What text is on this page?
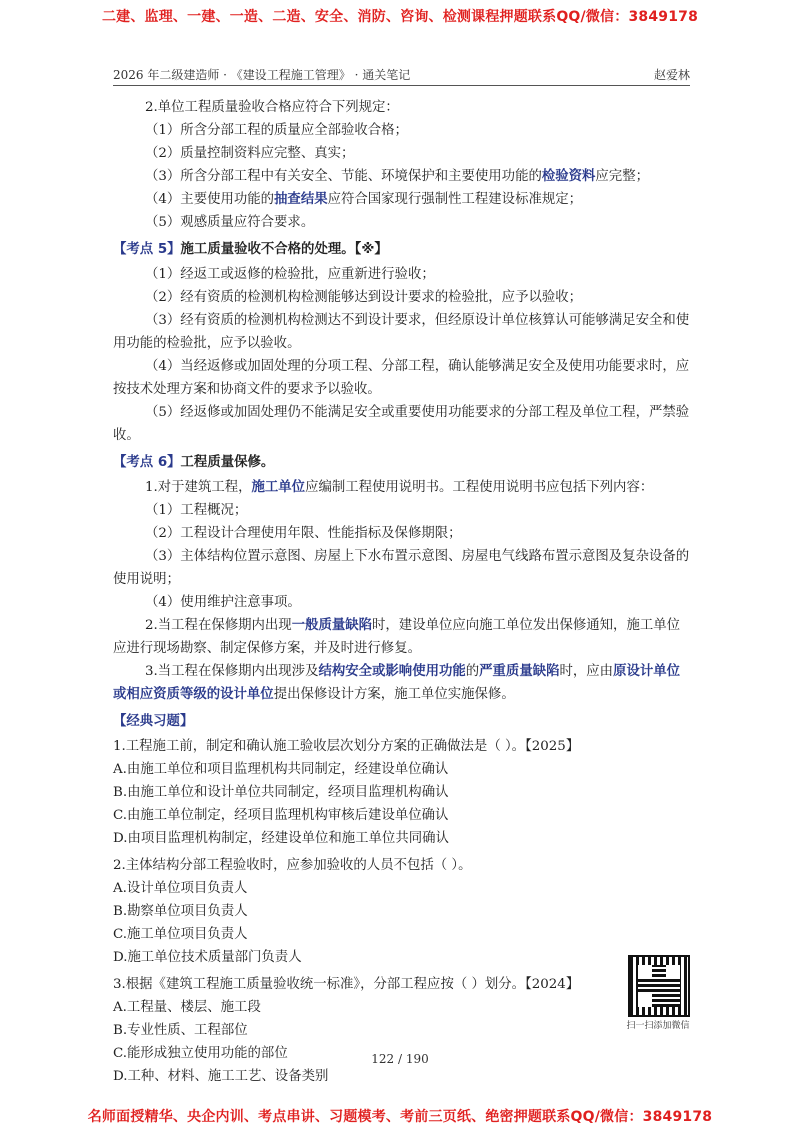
二建、监理、一建、一造、二造、安全、消防、咨询、检测课程押题联系QQ/微信：3849178
2026 年二级建造师 · 《建设工程施工管理》 · 通关笔记	赵爱林

2.单位工程质量验收合格应符合下列规定：

（1）所含分部工程的质量应全部验收合格；

（2）质量控制资料应完整、真实；

（3）所含分部工程中有关安全、节能、环境保护和主要使用功能的检验资料应完整；

（4）主要使用功能的抽查结果应符合国家现行强制性工程建设标准规定；

（5）观感质量应符合要求。

【考点 5】施工质量验收不合格的处理。【※】

（1）经返工或返修的检验批，应重新进行验收；

（2）经有资质的检测机构检测能够达到设计要求的检验批，应予以验收；

（3）经有资质的检测机构检测达不到设计要求，但经原设计单位核算认可能够满足安全和使用功能的检验批，应予以验收。

（4）当经返修或加固处理的分项工程、分部工程，确认能够满足安全及使用功能要求时，应按技术处理方案和协商文件的要求予以验收。

（5）经返修或加固处理仍不能满足安全或重要使用功能要求的分部工程及单位工程，严禁验收。

【考点 6】工程质量保修。

1.对于建筑工程，施工单位应编制工程使用说明书。工程使用说明书应包括下列内容：

（1）工程概况；

（2）工程设计合理使用年限、性能指标及保修期限；

（3）主体结构位置示意图、房屋上下水布置示意图、房屋电气线路布置示意图及复杂设备的使用说明；

（4）使用维护注意事项。

2.当工程在保修期内出现一般质量缺陷时，建设单位应向施工单位发出保修通知，施工单位应进行现场勘察、制定保修方案，并及时进行修复。

3.当工程在保修期内出现涉及结构安全或影响使用功能的严重质量缺陷时，应由原设计单位或相应资质等级的设计单位提出保修设计方案，施工单位实施保修。

【经典习题】

1.工程施工前，制定和确认施工验收层次划分方案的正确做法是（ ）。【2025】

A.由施工单位和项目监理机构共同制定，经建设单位确认

B.由施工单位和设计单位共同制定，经项目监理机构确认

C.由施工单位制定，经项目监理机构审核后建设单位确认

D.由项目监理机构制定，经建设单位和施工单位共同确认

2.主体结构分部工程验收时，应参加验收的人员不包括（ ）。

A.设计单位项目负责人

B.勘察单位项目负责人

C.施工单位项目负责人

D.施工单位技术质量部门负责人

3.根据《建筑工程施工质量验收统一标准》，分部工程应按（ ）划分。【2024】

A.工程量、楼层、施工段

B.专业性质、工程部位

C.能形成独立使用功能的部位

D.工种、材料、施工工艺、设备类别

扫一扫添加微信
122 / 190
名师面授精华、央企内训、考点串讲、习题模考、考前三页纸、绝密押题联系QQ/微信：3849178
